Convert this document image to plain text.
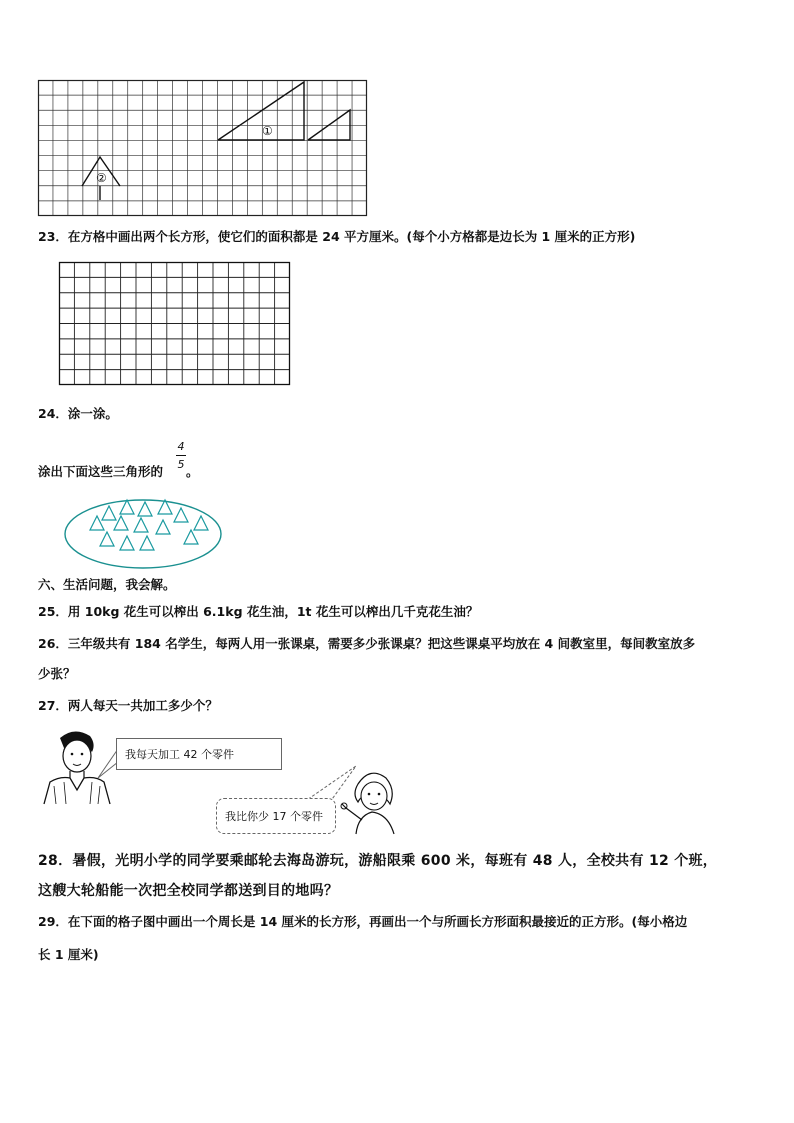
①
②
23．在方格中画出两个长方形，使它们的面积都是 24 平方厘米。(每个小方格都是边长为 1 厘米的正方形)
24．涂一涂。
涂出下面这些三角形的
4
5 。
六、生活问题，我会解。
25．用 10kg 花生可以榨出 6.1kg 花生油，1t 花生可以榨出几千克花生油？
26．三年级共有 184 名学生，每两人用一张课桌，需要多少张课桌？把这些课桌平均放在 4 间教室里，每间教室放多
少张？
27．两人每天一共加工多少个？
我每天加工 42 个零件
我比你少 17 个零件
28．暑假，光明小学的同学要乘邮轮去海岛游玩，游船限乘 600 米，每班有 48 人，全校共有 12 个班，
这艘大轮船能一次把全校同学都送到目的地吗？
29．在下面的格子图中画出一个周长是 14 厘米的长方形，再画出一个与所画长方形面积最接近的正方形。(每小格边
长 1 厘米)
